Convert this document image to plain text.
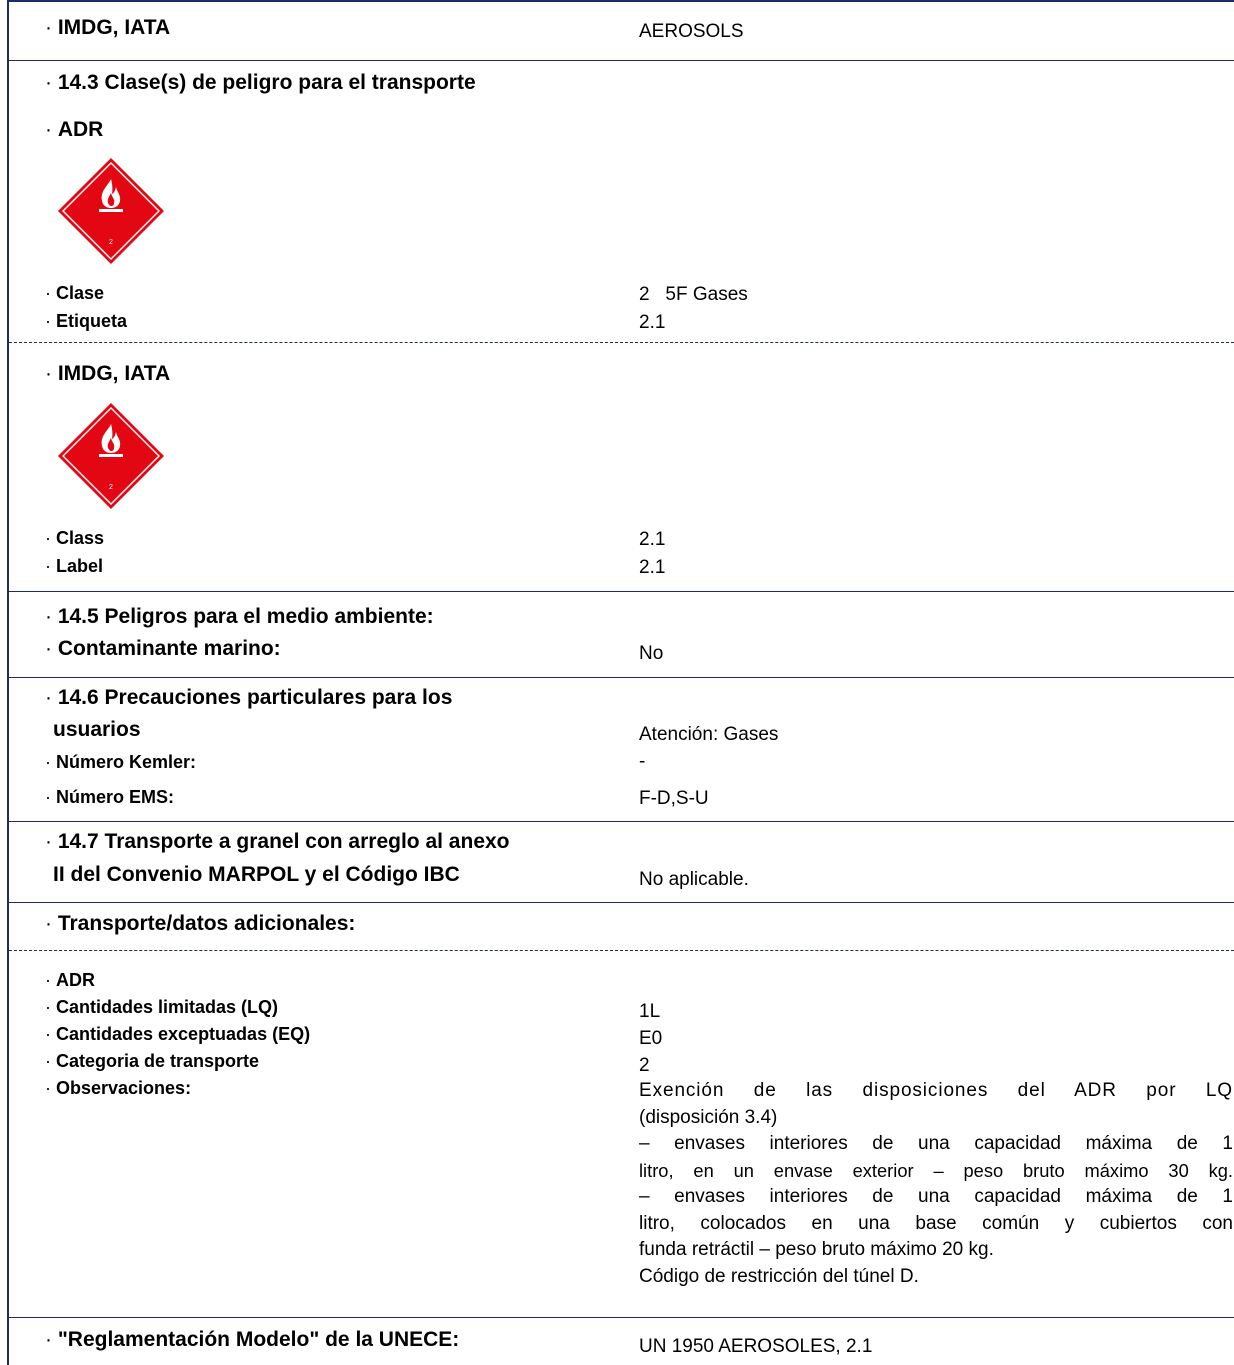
· IMDG, IATA	AEROSOLS
· 14.3 Clase(s) de peligro para el transporte
· ADR
2
· Clase	2   5F Gases
· Etiqueta	2.1
· IMDG, IATA
2
· Class	2.1
· Label	2.1
· 14.5 Peligros para el medio ambiente:
· Contaminante marino:	No
· 14.6 Precauciones particulares para los
usuarios	Atención: Gases
· Número Kemler:	-
· Número EMS:	F-D,S-U
· 14.7 Transporte a granel con arreglo al anexo
II del Convenio MARPOL y el Código IBC	No aplicable.
· Transporte/datos adicionales:
· ADR
· Cantidades limitadas (LQ)	1L
· Cantidades exceptuadas (EQ)	E0
· Categoria de transporte	2
· Observaciones:	Exención de las disposiciones del ADR por LQ
(disposición 3.4)
– envases interiores de una capacidad máxima de 1
litro, en un envase exterior – peso bruto máximo 30 kg.
– envases interiores de una capacidad máxima de 1
litro, colocados en una base común y cubiertos con
funda retráctil – peso bruto máximo 20 kg.
Código de restricción del túnel D.
· "Reglamentación Modelo" de la UNECE:	UN 1950 AEROSOLES, 2.1
